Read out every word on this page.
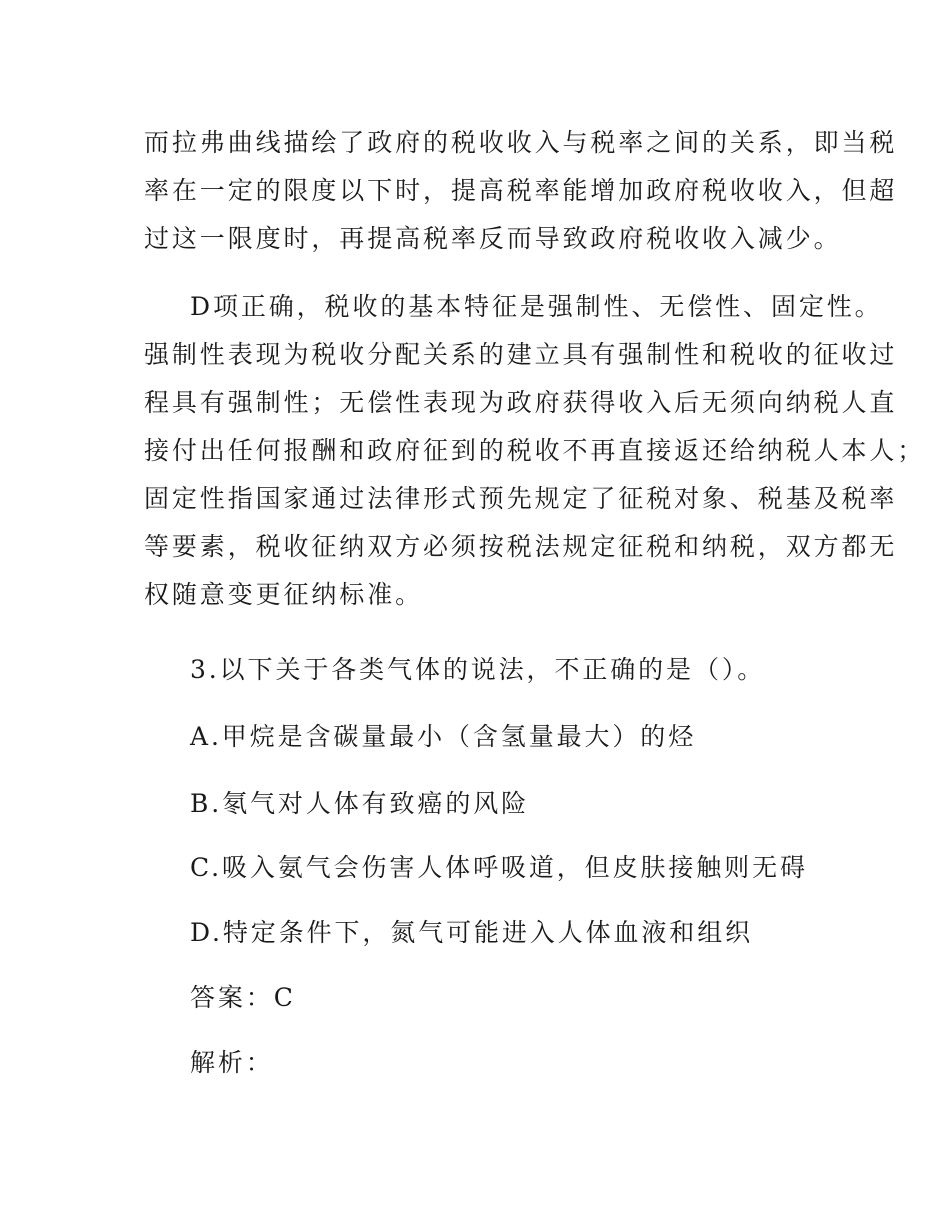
而拉弗曲线描绘了政府的税收收入与税率之间的关系，即当税
率在一定的限度以下时，提高税率能增加政府税收收入，但超
过这一限度时，再提高税率反而导致政府税收收入减少。
D项正确，税收的基本特征是强制性、无偿性、固定性。
强制性表现为税收分配关系的建立具有强制性和税收的征收过
程具有强制性；无偿性表现为政府获得收入后无须向纳税人直
接付出任何报酬和政府征到的税收不再直接返还给纳税人本人；
固定性指国家通过法律形式预先规定了征税对象、税基及税率
等要素，税收征纳双方必须按税法规定征税和纳税，双方都无
权随意变更征纳标准。
3.以下关于各类气体的说法，不正确的是（）。
A.甲烷是含碳量最小（含氢量最大）的烃
B.氡气对人体有致癌的风险
C.吸入氨气会伤害人体呼吸道，但皮肤接触则无碍
D.特定条件下，氮气可能进入人体血液和组织
答案：C
解析：
